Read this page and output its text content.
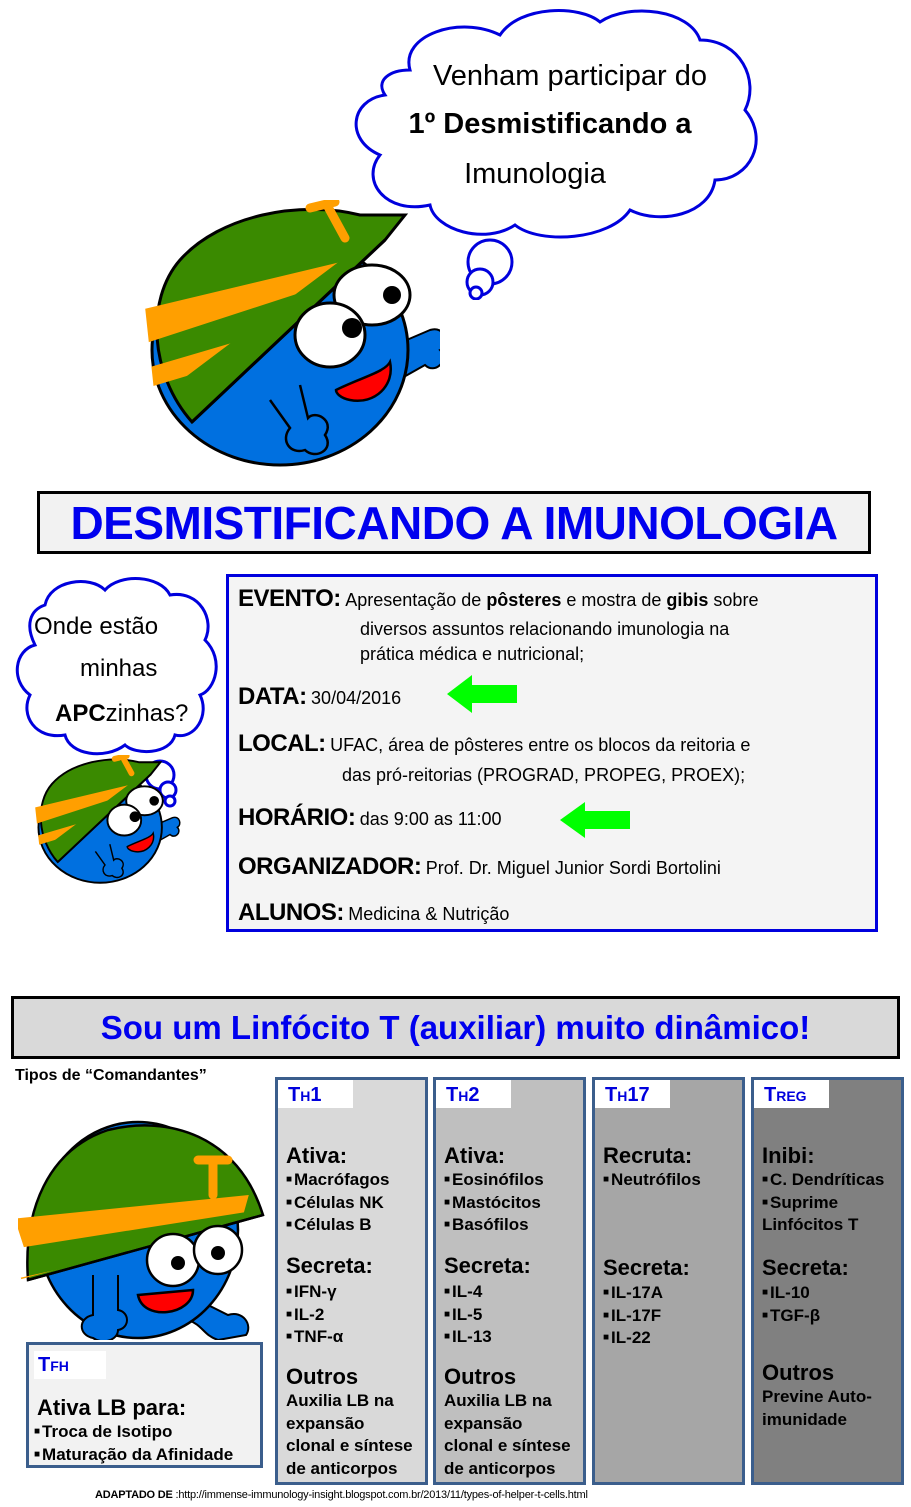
Venham participar do
1º Desmistificando a
Imunologia
DESMISTIFICANDO A IMUNOLOGIA
Onde estão
minhas
APCzinhas?
EVENTO: Apresentação de pôsteres e mostra de gibis sobre
diversos assuntos relacionando imunologia na
prática médica e nutricional;
DATA: 30/04/2016
LOCAL: UFAC, área de pôsteres entre os blocos da reitoria e
das pró-reitorias (PROGRAD, PROPEG, PROEX);
HORÁRIO: das 9:00 as 11:00
ORGANIZADOR: Prof. Dr. Miguel Junior Sordi Bortolini
ALUNOS: Medicina & Nutrição
Sou um Linfócito T (auxiliar) muito dinâmico!
Tipos de “Comandantes”
TH1
Ativa:
■ Macrófagos
■ Células NK
■ Células B
Secreta:
■ IFN-γ
■ IL-2
■ TNF-α
Outros
Auxilia LB na
expansão
clonal e síntese
de anticorpos
TH2
Ativa:
■ Eosinófilos
■ Mastócitos
■ Basófilos
Secreta:
■ IL-4
■ IL-5
■ IL-13
Outros
Auxilia LB na
expansão
clonal e síntese
de anticorpos
TH17
Recruta:
■ Neutrófilos
Secreta:
■ IL-17A
■ IL-17F
■ IL-22
TREG
Inibi:
■ C. Dendríticas
■ Suprime
Linfócitos T
Secreta:
■ IL-10
■ TGF-β
Outros
Previne Auto-
imunidade
TFH
Ativa LB para:
■ Troca de Isotipo
■ Maturação da Afinidade
ADAPTADO DE :http://immense-immunology-insight.blogspot.com.br/2013/11/types-of-helper-t-cells.html
